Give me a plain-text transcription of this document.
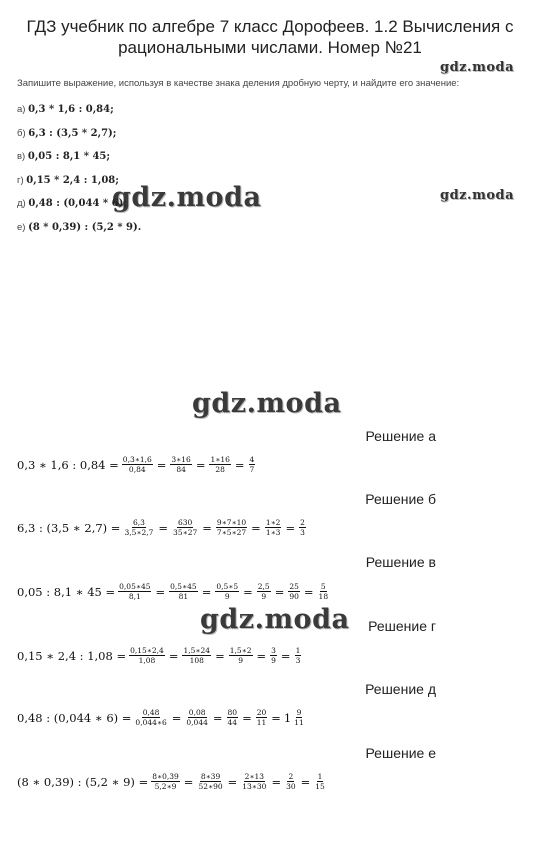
ГДЗ учебник по алгебре 7 класс Дорофеев. 1.2 Вычисления с
рациональными числами. Номер №21
gdz.moda
gdz.moda
gdz.moda
gdz.moda
Запишите выражение, используя в качестве знака деления дробную черту, и найдите его значение:
а) 0,3 * 1,6 : 0,84;
б) 6,3 : (3,5 * 2,7);
в) 0,05 : 8,1 * 45;
г) 0,15 * 2,4 : 1,08;
д) 0,48 : (0,044 * 6);
е) (8 * 0,39) : (5,2 * 9).
Решение а
0,3 ∗ 1,6 : $0,84 = \frac{0,3∗1,6}{0,84} = \frac{3∗16}{84} = \frac{1∗16}{28} = \frac{4}{7}$
Решение б
6,3 : (3,5 ∗ $2,7) = \frac{6,3}{3,5∗2,7} = \frac{630}{35∗27} = \frac{9∗7∗10}{7∗5∗27} = \frac{1∗2}{1∗3} = \frac{2}{3}$
Решение в
0,05 : 8,1 ∗ $45 = \frac{0,05∗45}{8,1} = \frac{0,5∗45}{81} = \frac{0,5∗5}{9} = \frac{2,5}{9} = \frac{25}{90} = \frac{5}{18}$
Решение г
0,15 ∗ 2,4 : $1,08 = \frac{0,15∗2,4}{1,08} = \frac{1,5∗24}{108} = \frac{1,5∗2}{9} = \frac{3}{9} = \frac{1}{3}$
Решение д
0,48 : (0,044 ∗ $6) = \frac{0,48}{0,044∗6} = \frac{0,08}{0,044} = \frac{80}{44} = \frac{20}{11} = 1 \frac{9}{11}$
Решение е
(8 ∗ 0,39) : (5,2 ∗ $9) = \frac{8∗0,39}{5,2∗9} = \frac{8∗39}{52∗90} = \frac{2∗13}{13∗30} = \frac{2}{30} = \frac{1}{15}$
gdz.moda
